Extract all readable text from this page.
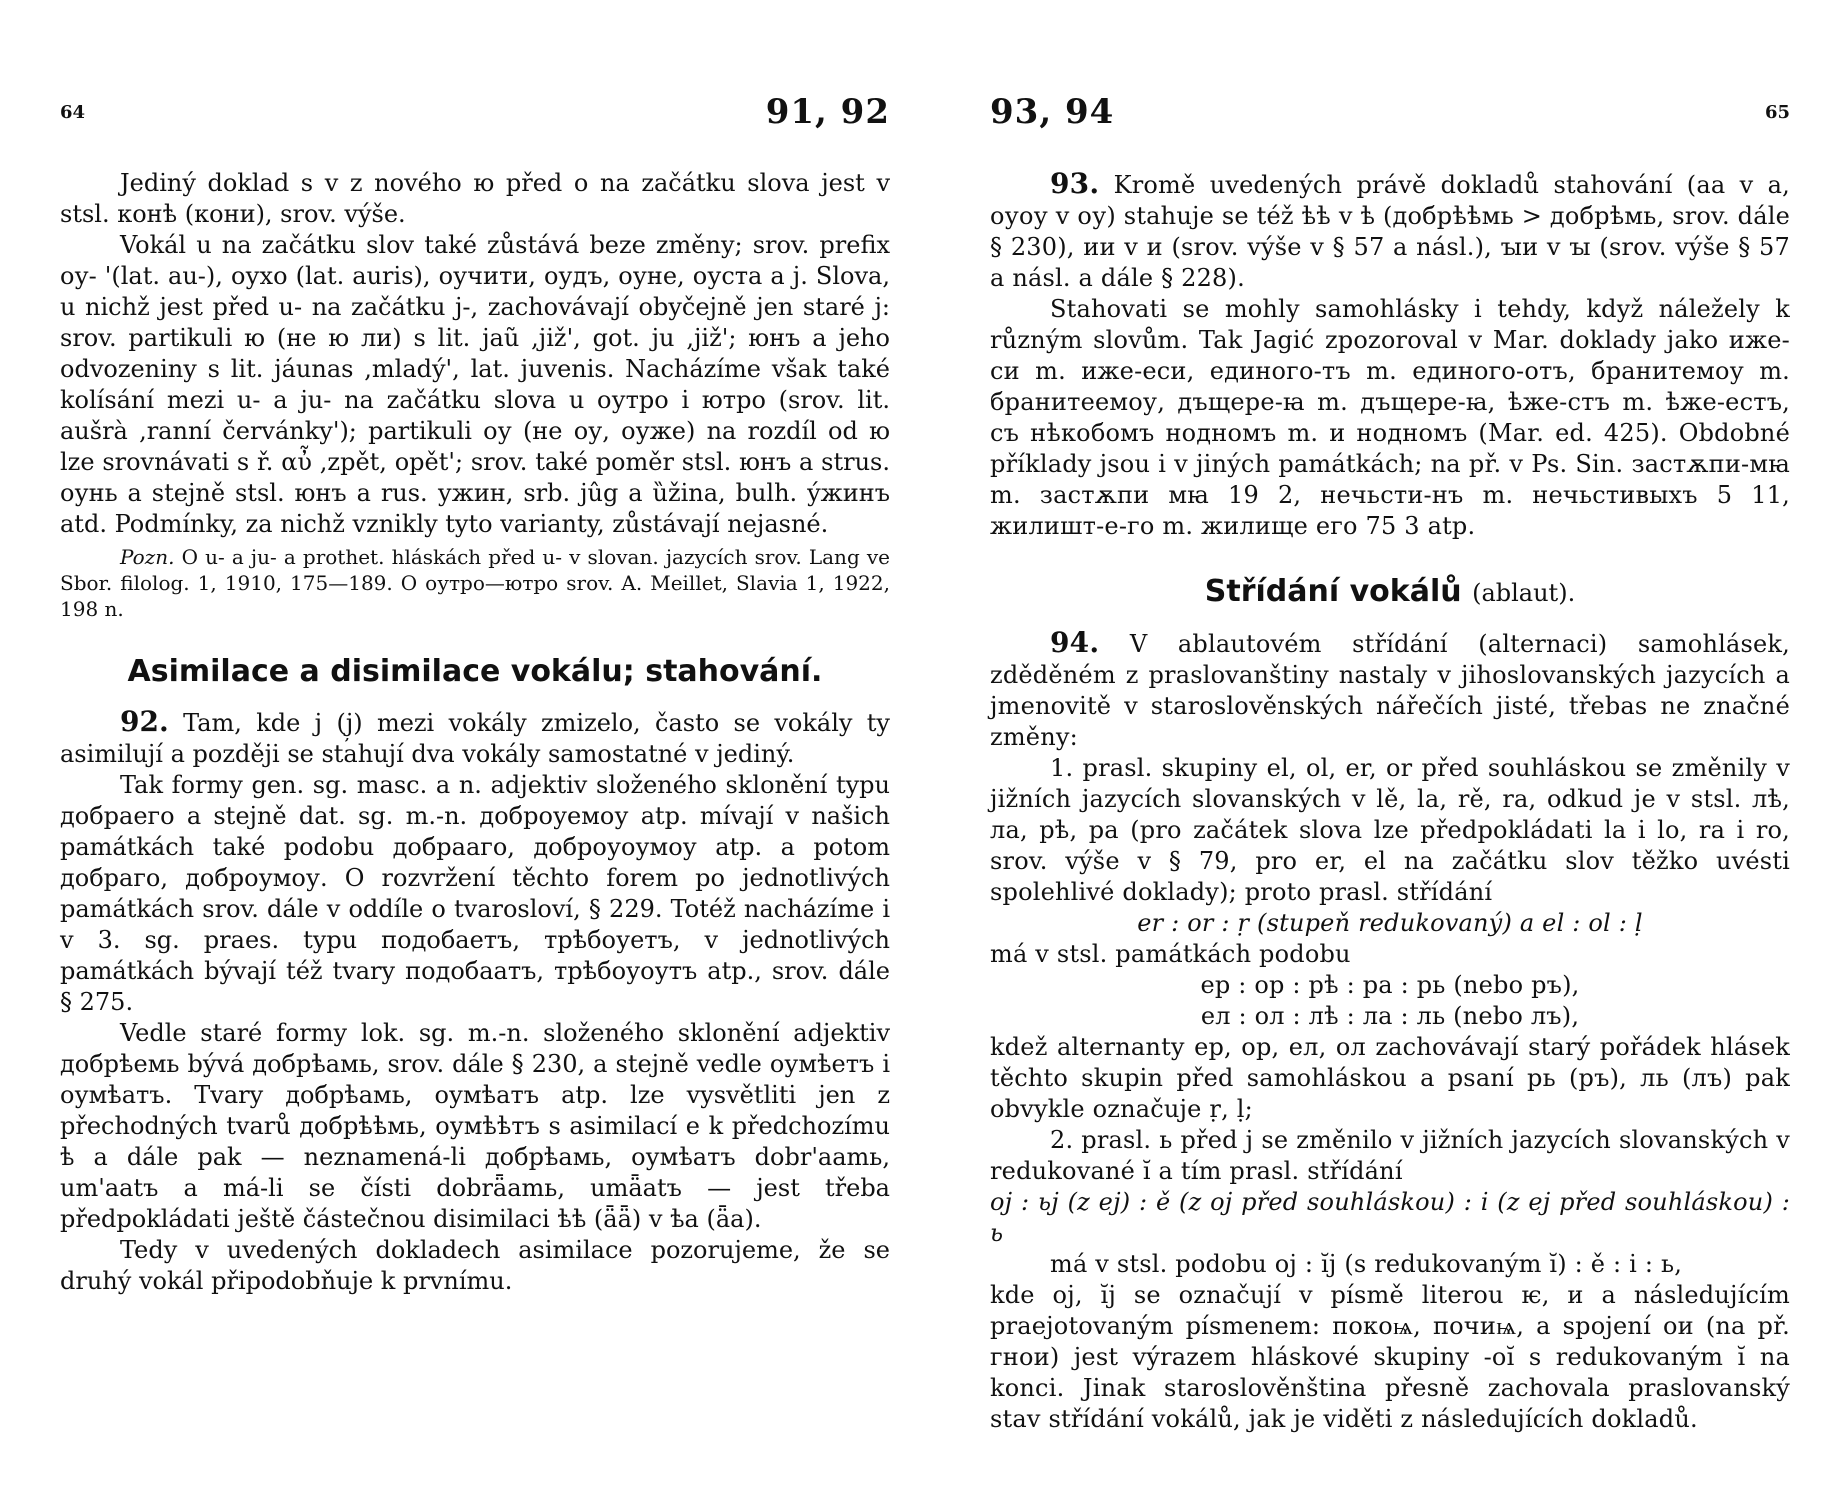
64	91, 92

Jediný doklad s v z nového ю před o na začátku slova jest v stsl. конѣ (кони), srov. výše.

Vokál u na začátku slov také zůstává beze změny; srov. prefix оу- '(lat. au-), оухо (lat. auris), оучити, оудъ, оуне, оуста a j. Slova, u nichž jest před u- na začátku j-, zachovávají obyčejně jen staré j: srov. partikuli ю (не ю ли) s lit. jaũ ,již', got. ju ,již'; юнъ a jeho odvozeniny s lit. jáunas ,mladý', lat. juvenis. Nacházíme však také kolísání mezi u- a ju- na začátku slova u оутро i ютро (srov. lit. aušrà ,ranní červánky'); partikuli оу (не оу, оуже) na rozdíl od ю lze srovnávati s ř. αὖ ,zpět, opět'; srov. také poměr stsl. юнъ a strus. оунь a stejně stsl. юнъ a rus. ужин, srb. jûg a ȕžina, bulh. ýжинъ atd. Podmínky, za nichž vznikly tyto varianty, zůstávají nejasné.

Pozn. O u- a ju- a prothet. hláskách před u- v slovan. jazycích srov. Lang ve Sbor. filolog. 1, 1910, 175—189. O оутро—ютро srov. A. Meillet, Slavia 1, 1922, 198 n.

Asimilace a disimilace vokálu; stahování.

92. Tam, kde j (j̦) mezi vokály zmizelo, často se vokály ty asimilují a později se stahují dva vokály samostatné v jediný.

Tak formy gen. sg. masc. a n. adjektiv složeného sklonění typu добраего a stejně dat. sg. m.-n. доброуемоу atp. mívají v našich památkách také podobu добрааго, доброуоумоу atp. a potom добраго, доброумоу. O rozvržení těchto forem po jednotlivých památkách srov. dále v oddíle o tvarosloví, § 229. Totéž nacházíme i v 3. sg. praes. typu подобаетъ, трѣбоуетъ, v jednotlivých památkách bývají též tvary подобаатъ, трѣбоуоутъ atp., srov. dále § 275.

Vedle staré formy lok. sg. m.-n. složeného sklonění adjektiv добрѣемь bývá добрѣамь, srov. dále § 230, a stejně vedle оумѣетъ i оумѣатъ. Tvary добрѣамь, оумѣатъ atp. lze vysvětliti jen z přechodných tvarů добрѣѣмь, оумѣѣтъ s asimilací е k předchozímu ѣ a dále pak — neznamená-li добрѣамь, оумѣатъ dobr'aamь, um'aatъ a má-li se čísti dobrǟamь, umǟatъ — jest třeba předpokládati ještě částečnou disimilaci ѣѣ (ǟǟ) v ѣа (ǟa).

Tedy v uvedených dokladech asimilace pozorujeme, že se druhý vokál připodobňuje k prvnímu.

93, 94	65

93. Kromě uvedených právě dokladů stahování (аа v а, оуоу v оу) stahuje se též ѣѣ v ѣ (добрѣѣмь > добрѣмь, srov. dále § 230), ии v и (srov. výše v § 57 a násl.), ꙑи v ꙑ (srov. výše § 57 a násl. a dále § 228).

Stahovati se mohly samohlásky i tehdy, když náležely k různým slovům. Tak Jagić zpozoroval v Mar. doklady jako иже-си m. иже-еси, единого-тъ m. единого-отъ, бранитемоу m. бранитеемоу, дъщере-ꙗ m. дъщере-ꙗ, ѣже-стъ m. ѣже-естъ, съ нѣкобомъ нодномъ m. и нодномъ (Mar. ed. 425). Obdobné příklady jsou i v jiných památkách; na př. v Ps. Sin. застѫпи-мꙗ m. застѫпи мꙗ 19 2, нечьсти-нъ m. нечьстивыхъ 5 11, жилишт-е-го m. жилище его 75 3 atp.

Střídání vokálů (ablaut).

94. V ablautovém střídání (alternaci) samohlásek, zděděném z praslovanštiny nastaly v jihoslovanských jazycích a jmenovitě v staroslověnských nářečích jisté, třebas ne značné změny:

1. prasl. skupiny el, ol, er, or před souhláskou se změnily v jižních jazycích slovanských v lě, la, rě, ra, odkud je v stsl. лѣ, ла, рѣ, ра (pro začátek slova lze předpokládati la i lo, ra i ro, srov. výše v § 79, pro er, el na začátku slov těžko uvésti spolehlivé doklady); proto prasl. střídání

er : or : ṛ (stupeň redukovaný) a el : ol : ḷ

má v stsl. památkách podobu

ер : ор : рѣ : ра : рь (nebo ръ),

ел : ол : лѣ : ла : ль (nebo лъ),

kdež alternanty ер, ор, ел, ол zachovávají starý pořádek hlásek těchto skupin před samohláskou a psaní рь (ръ), ль (лъ) pak obvykle označuje ṛ, ḷ;

2. prasl. ь před j se změnilo v jižních jazycích slovanských v redukované ĭ a tím prasl. střídání

oj : ьj (z ej) : ě (z oj před souhláskou) : i (z ej před souhláskou) : ь

má v stsl. podobu oj : ĭj (s redukovaným ĭ) : ě : i : ь,

kde oj, ĭj se označují v písmě literou ѥ, и a následujícím praejotovaným písmenem: покоѩ, почиѩ, a spojení ои (na př. гнои) jest výrazem hláskové skupiny -oĭ s redukovaným ĭ na konci. Jinak staroslověnština přesně zachovala praslovanský stav střídání vokálů, jak je viděti z následujících dokladů.
